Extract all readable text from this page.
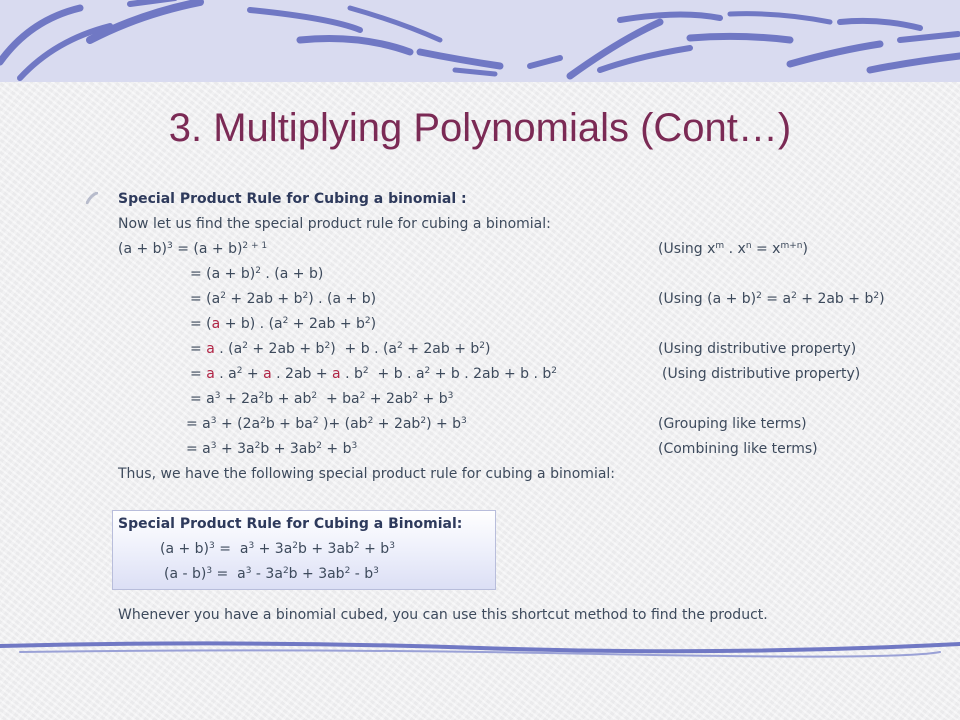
3. Multiplying Polynomials (Cont…)
Special Product Rule for Cubing a binomial :
Now let us find the special product rule for cubing a binomial:
$(a + b)^3 = (a + b)^{2 + 1}$	(Using $x^m$ . $x^n = x^{m+n}$)
= $(a + b)^2$ . (a + b)
= $(a^2 + 2ab + b^2)$ . (a + b)	(Using $(a + b)^2 = a^2 + 2ab + b^2$)
= (a + b) . $(a^2 + 2ab + b^2)$
= a . $(a^2 + 2ab + b^2) + b$ . $(a^2 + 2ab + b^2)$	(Using distributive property)
= a . $a^2 + a$ . 2ab + a . $b^2 + b$ . $a^2 + b$ . 2ab + b . $b^2$	(Using distributive property)
= $a^3 + 2a^2b + ab^2 + ba^2 + 2ab^2 + b^3$
= $a^3 + (2a^2b + ba^2$ )+ $(ab^2 + 2ab^2) + b^3$	(Grouping like terms)
= $a^3 + 3a^2b + 3ab^2 + b^3$	(Combining like terms)
Thus, we have the following special product rule for cubing a binomial:
Special Product Rule for Cubing a Binomial:
$(a + b)^3 = a^3 + 3a^2b + 3ab^2 + b^3$
$(a - b)^3 = a^3 - 3a^2b + 3ab^2 - b^3$
Whenever you have a binomial cubed, you can use this shortcut method to find the product.
